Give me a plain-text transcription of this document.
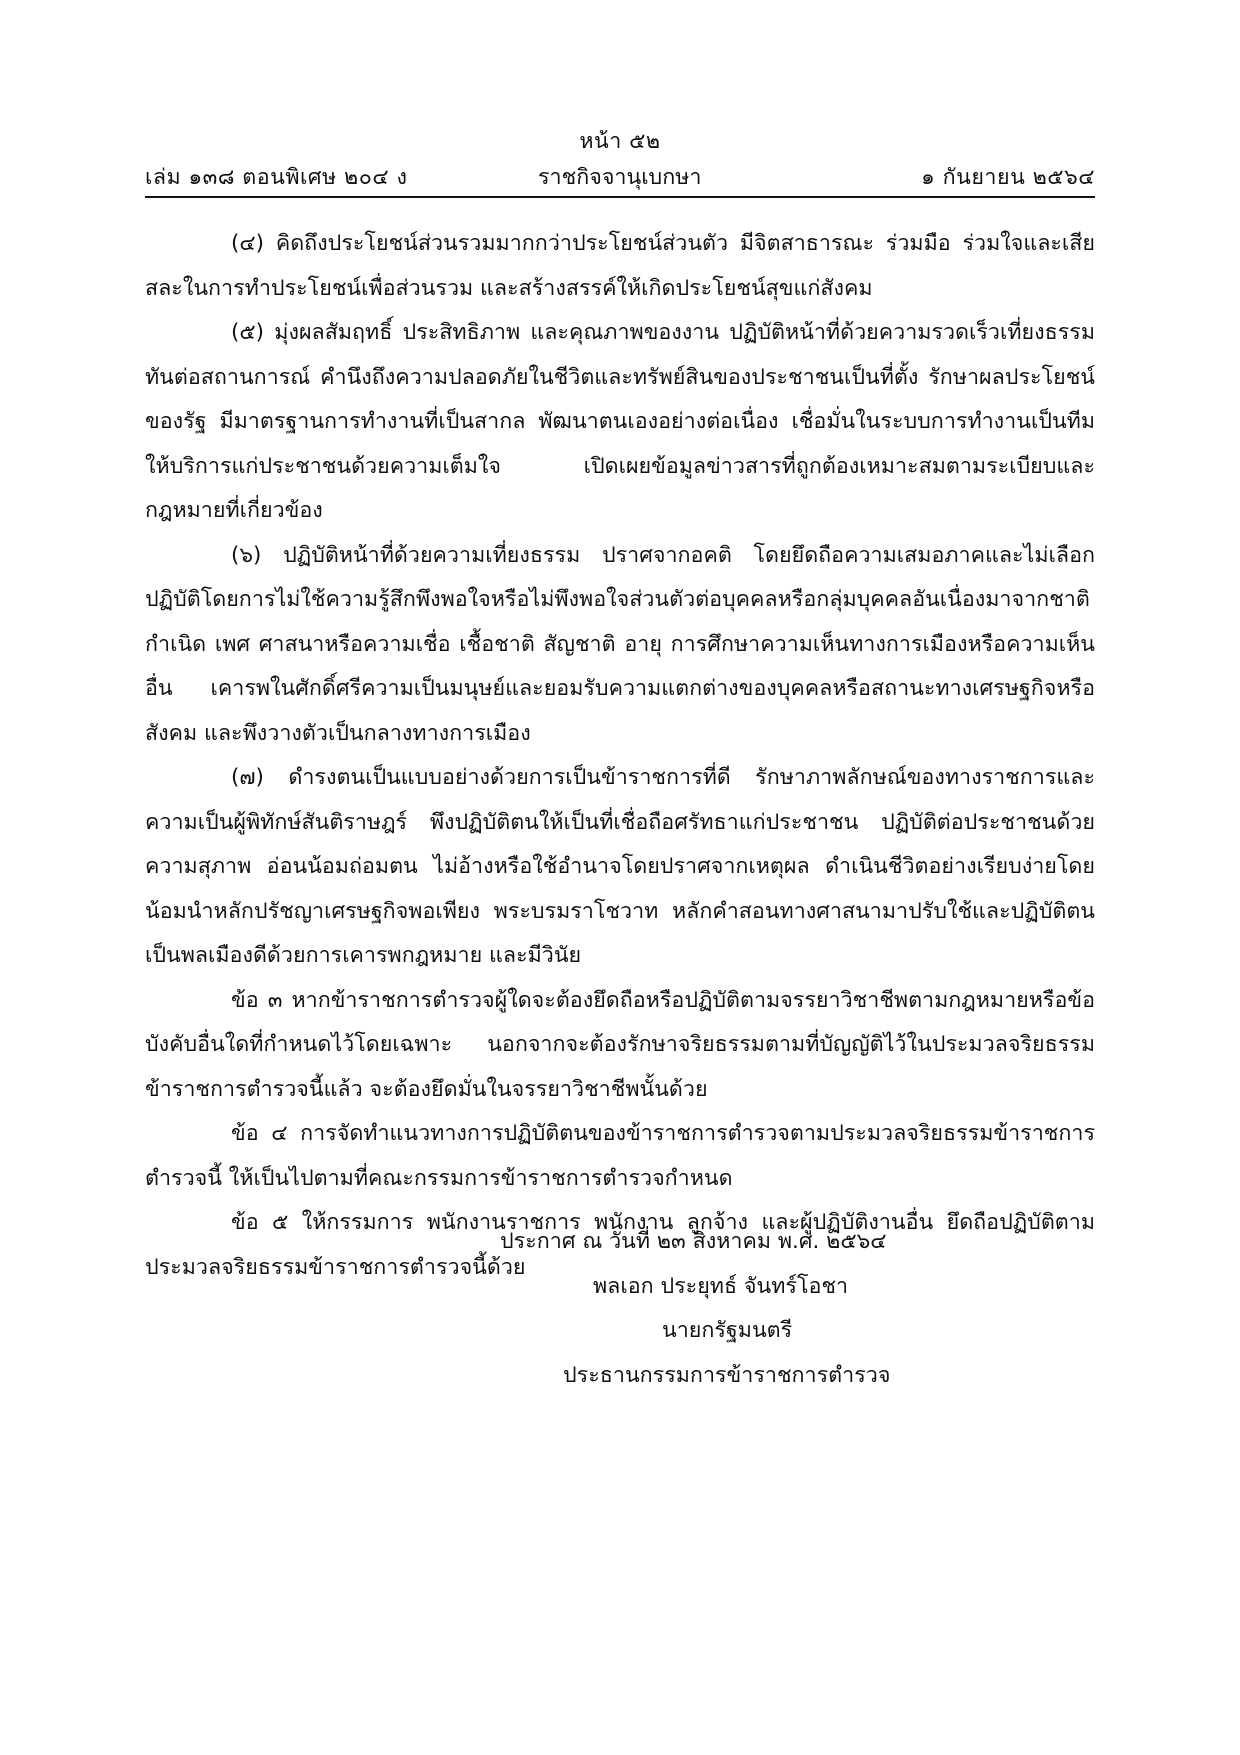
หน้า ๕๒
เล่ม ๑๓๘ ตอนพิเศษ ๒๐๔ ง	ราชกิจจานุเบกษา	๑ กันยายน ๒๕๖๔

(๔) คิดถึงประโยชน์ส่วนรวมมากกว่าประโยชน์ส่วนตัว มีจิตสาธารณะ ร่วมมือ ร่วมใจและเสียสละในการทำประโยชน์เพื่อส่วนรวม และสร้างสรรค์ให้เกิดประโยชน์สุขแก่สังคม

(๕) มุ่งผลสัมฤทธิ์ ประสิทธิภาพ และคุณภาพของงาน ปฏิบัติหน้าที่ด้วยความรวดเร็วเที่ยงธรรม ทันต่อสถานการณ์ คำนึงถึงความปลอดภัยในชีวิตและทรัพย์สินของประชาชนเป็นที่ตั้ง รักษาผลประโยชน์ของรัฐ มีมาตรฐานการทำงานที่เป็นสากล พัฒนาตนเองอย่างต่อเนื่อง เชื่อมั่นในระบบการทำงานเป็นทีม ให้บริการแก่ประชาชนด้วยความเต็มใจ เปิดเผยข้อมูลข่าวสารที่ถูกต้องเหมาะสมตามระเบียบและกฎหมายที่เกี่ยวข้อง

(๖) ปฏิบัติหน้าที่ด้วยความเที่ยงธรรม ปราศจากอคติ โดยยึดถือความเสมอภาคและไม่เลือกปฏิบัติโดยการไม่ใช้ความรู้สึกพึงพอใจหรือไม่พึงพอใจส่วนตัวต่อบุคคลหรือกลุ่มบุคคลอันเนื่องมาจากชาติกำเนิด เพศ ศาสนาหรือความเชื่อ เชื้อชาติ สัญชาติ อายุ การศึกษาความเห็นทางการเมืองหรือความเห็นอื่น เคารพในศักดิ์ศรีความเป็นมนุษย์และยอมรับความแตกต่างของบุคคลหรือสถานะทางเศรษฐกิจหรือสังคม และพึงวางตัวเป็นกลางทางการเมือง

(๗) ดำรงตนเป็นแบบอย่างด้วยการเป็นข้าราชการที่ดี รักษาภาพลักษณ์ของทางราชการและความเป็นผู้พิทักษ์สันติราษฎร์ พึงปฏิบัติตนให้เป็นที่เชื่อถือศรัทธาแก่ประชาชน ปฏิบัติต่อประชาชนด้วยความสุภาพ อ่อนน้อมถ่อมตน ไม่อ้างหรือใช้อำนาจโดยปราศจากเหตุผล ดำเนินชีวิตอย่างเรียบง่ายโดยน้อมนำหลักปรัชญาเศรษฐกิจพอเพียง พระบรมราโชวาท หลักคำสอนทางศาสนามาปรับใช้และปฏิบัติตนเป็นพลเมืองดีด้วยการเคารพกฎหมาย และมีวินัย

ข้อ ๓ หากข้าราชการตำรวจผู้ใดจะต้องยึดถือหรือปฏิบัติตามจรรยาวิชาชีพตามกฎหมายหรือข้อบังคับอื่นใดที่กำหนดไว้โดยเฉพาะ นอกจากจะต้องรักษาจริยธรรมตามที่บัญญัติไว้ในประมวลจริยธรรมข้าราชการตำรวจนี้แล้ว จะต้องยึดมั่นในจรรยาวิชาชีพนั้นด้วย

ข้อ ๔ การจัดทำแนวทางการปฏิบัติตนของข้าราชการตำรวจตามประมวลจริยธรรมข้าราชการตำรวจนี้ ให้เป็นไปตามที่คณะกรรมการข้าราชการตำรวจกำหนด

ข้อ ๕ ให้กรรมการ พนักงานราชการ พนักงาน ลูกจ้าง และผู้ปฏิบัติงานอื่น ยึดถือปฏิบัติตามประมวลจริยธรรมข้าราชการตำรวจนี้ด้วย

ประกาศ ณ วันที่ ๒๓ สิงหาคม พ.ศ. ๒๕๖๔
พลเอก ประยุทธ์ จันทร์โอชา
นายกรัฐมนตรี
ประธานกรรมการข้าราชการตำรวจ
